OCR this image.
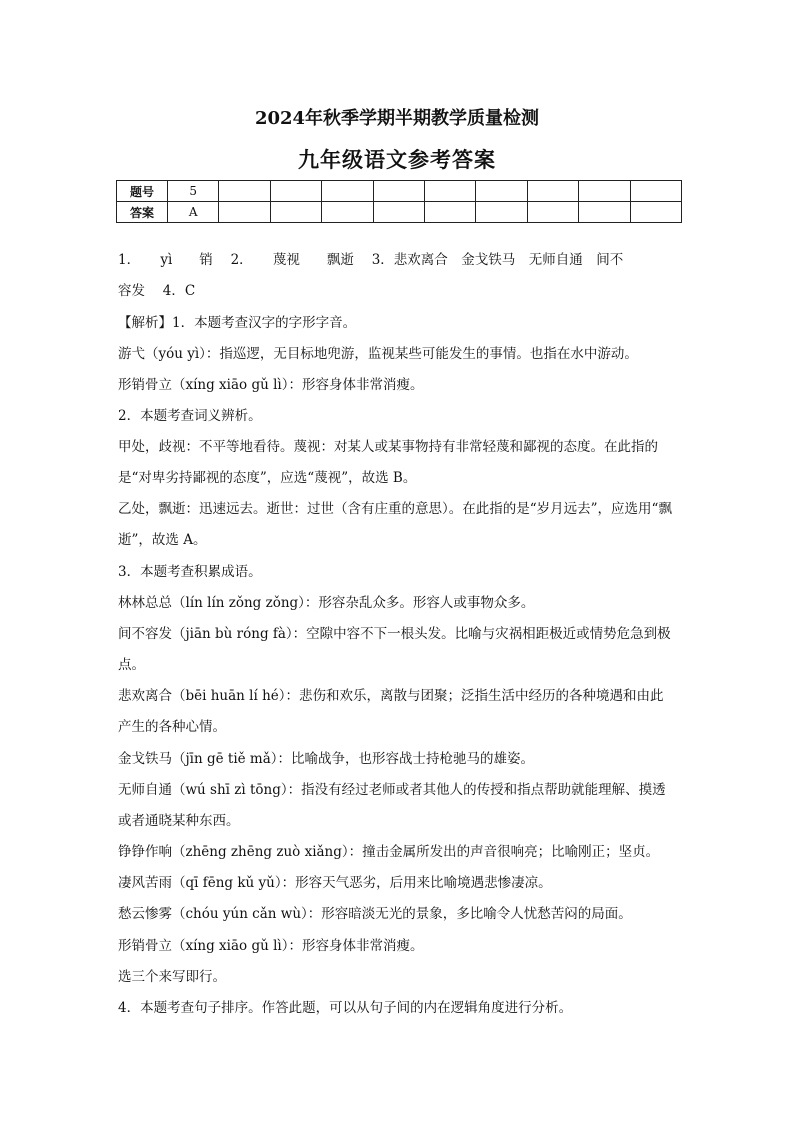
2024年秋季学期半期教学质量检测
九年级语文参考答案
题号	5									
答案	A									

1．　　yì　　销　 2．　　蔑视　　飘逝　 3．悲欢离合　金戈铁马　无师自通　间不

容发　 4．C

【解析】1．本题考查汉字的字形字音。

游弋（yóu yì）：指巡逻，无目标地兜游，监视某些可能发生的事情。也指在水中游动。

形销骨立（xíng xiāo gǔ lì）：形容身体非常消瘦。

2．本题考查词义辨析。

甲处，歧视：不平等地看待。蔑视：对某人或某事物持有非常轻蔑和鄙视的态度。在此指的

是“对卑劣持鄙视的态度”，应选“蔑视”，故选 B。

乙处，飘逝：迅速远去。逝世：过世（含有庄重的意思）。在此指的是“岁月远去”，应选用“飘

逝”，故选 A。

3．本题考查积累成语。

林林总总（lín lín zǒng zǒng）：形容杂乱众多。形容人或事物众多。

间不容发（jiān bù róng fà）：空隙中容不下一根头发。比喻与灾祸相距极近或情势危急到极

点。

悲欢离合（bēi huān lí hé）：悲伤和欢乐，离散与团聚；泛指生活中经历的各种境遇和由此

产生的各种心情。

金戈铁马（jīn gē tiě mǎ）：比喻战争，也形容战士持枪驰马的雄姿。

无师自通（wú shī zì tōng）：指没有经过老师或者其他人的传授和指点帮助就能理解、摸透

或者通晓某种东西。

铮铮作响（zhēng zhēng zuò xiǎng）：撞击金属所发出的声音很响亮；比喻刚正；坚贞。

凄风苦雨（qī fēng kǔ yǔ）：形容天气恶劣，后用来比喻境遇悲惨凄凉。

愁云惨雾（chóu yún cǎn wù）：形容暗淡无光的景象，多比喻令人忧愁苦闷的局面。

形销骨立（xíng xiāo gǔ lì）：形容身体非常消瘦。

选三个来写即行。

4．本题考查句子排序。作答此题，可以从句子间的内在逻辑角度进行分析。
